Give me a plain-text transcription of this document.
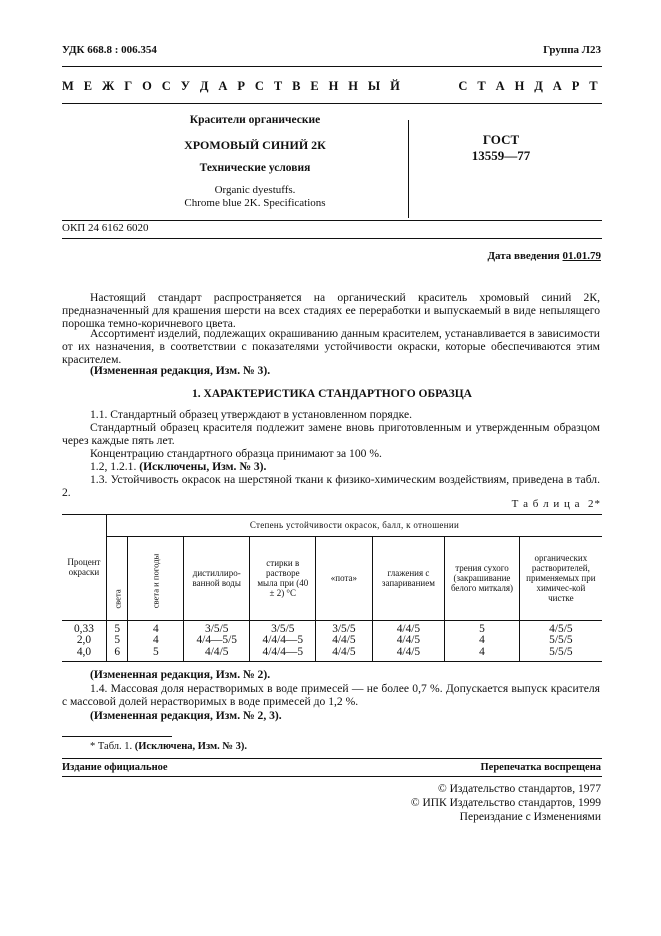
УДК 668.8 : 006.354	Группа Л23
М Е Ж Г О С У Д А Р С Т В Е Н Н Ы Й	С Т А Н Д А Р Т
Красители органические
ХРОМОВЫЙ СИНИЙ 2К
Технические условия
Organic dyestuffs.
Chrome blue 2K. Specifications
ГОСТ
13559—77
ОКП 24 6162 6020
Дата введения 01.01.79
Настоящий стандарт распространяется на органический краситель хромовый синий 2К, предназначенный для крашения шерсти на всех стадиях ее переработки и выпускаемый в виде непылящего порошка темно-коричневого цвета.
Ассортимент изделий, подлежащих окрашиванию данным красителем, устанавливается в зависимости от их назначения, в соответствии с показателями устойчивости окраски, которые обеспечиваются этим красителем.
(Измененная редакция, Изм. № 3).
1. ХАРАКТЕРИСТИКА СТАНДАРТНОГО ОБРАЗЦА
1.1. Стандартный образец утверждают в установленном порядке.
Стандартный образец красителя подлежит замене вновь приготовленным и утвержденным образцом через каждые пять лет.
Концентрацию стандартного образца принимают за 100 %.
1.2, 1.2.1. (Исключены, Изм. № 3).
1.3. Устойчивость окрасок на шерстяной ткани к физико-химическим воздействиям, приведена в табл. 2.
Т а б л и ц а  2*
Процент окраски	Степень устойчивости окрасок, балл, к отношении							
	света	света и погоды	дистиллиро-ванной воды	стирки в растворе мыла при (40 ± 2) °С	«пота»	глажения с запариванием	трения сухого (закрашивание белого миткаля)	органических растворителей, применяемых при химичес-кой чистке
0,33	5	4	3/5/5	3/5/5	3/5/5	4/4/5	5	4/5/5
2,0	5	4	4/4—5/5	4/4/4—5	4/4/5	4/4/5	4	5/5/5
4,0	6	5	4/4/5	4/4/4—5	4/4/5	4/4/5	4	5/5/5
(Измененная редакция, Изм. № 2).
1.4. Массовая доля нерастворимых в воде примесей — не более 0,7 %. Допускается выпуск красителя с массовой долей нерастворимых в воде примесей до 1,2 %.
(Измененная редакция, Изм. № 2, 3).
* Табл. 1. (Исключена, Изм. № 3).
Издание официальное	Перепечатка воспрещена
© Издательство стандартов, 1977
© ИПК Издательство стандартов, 1999
Переиздание с Изменениями
